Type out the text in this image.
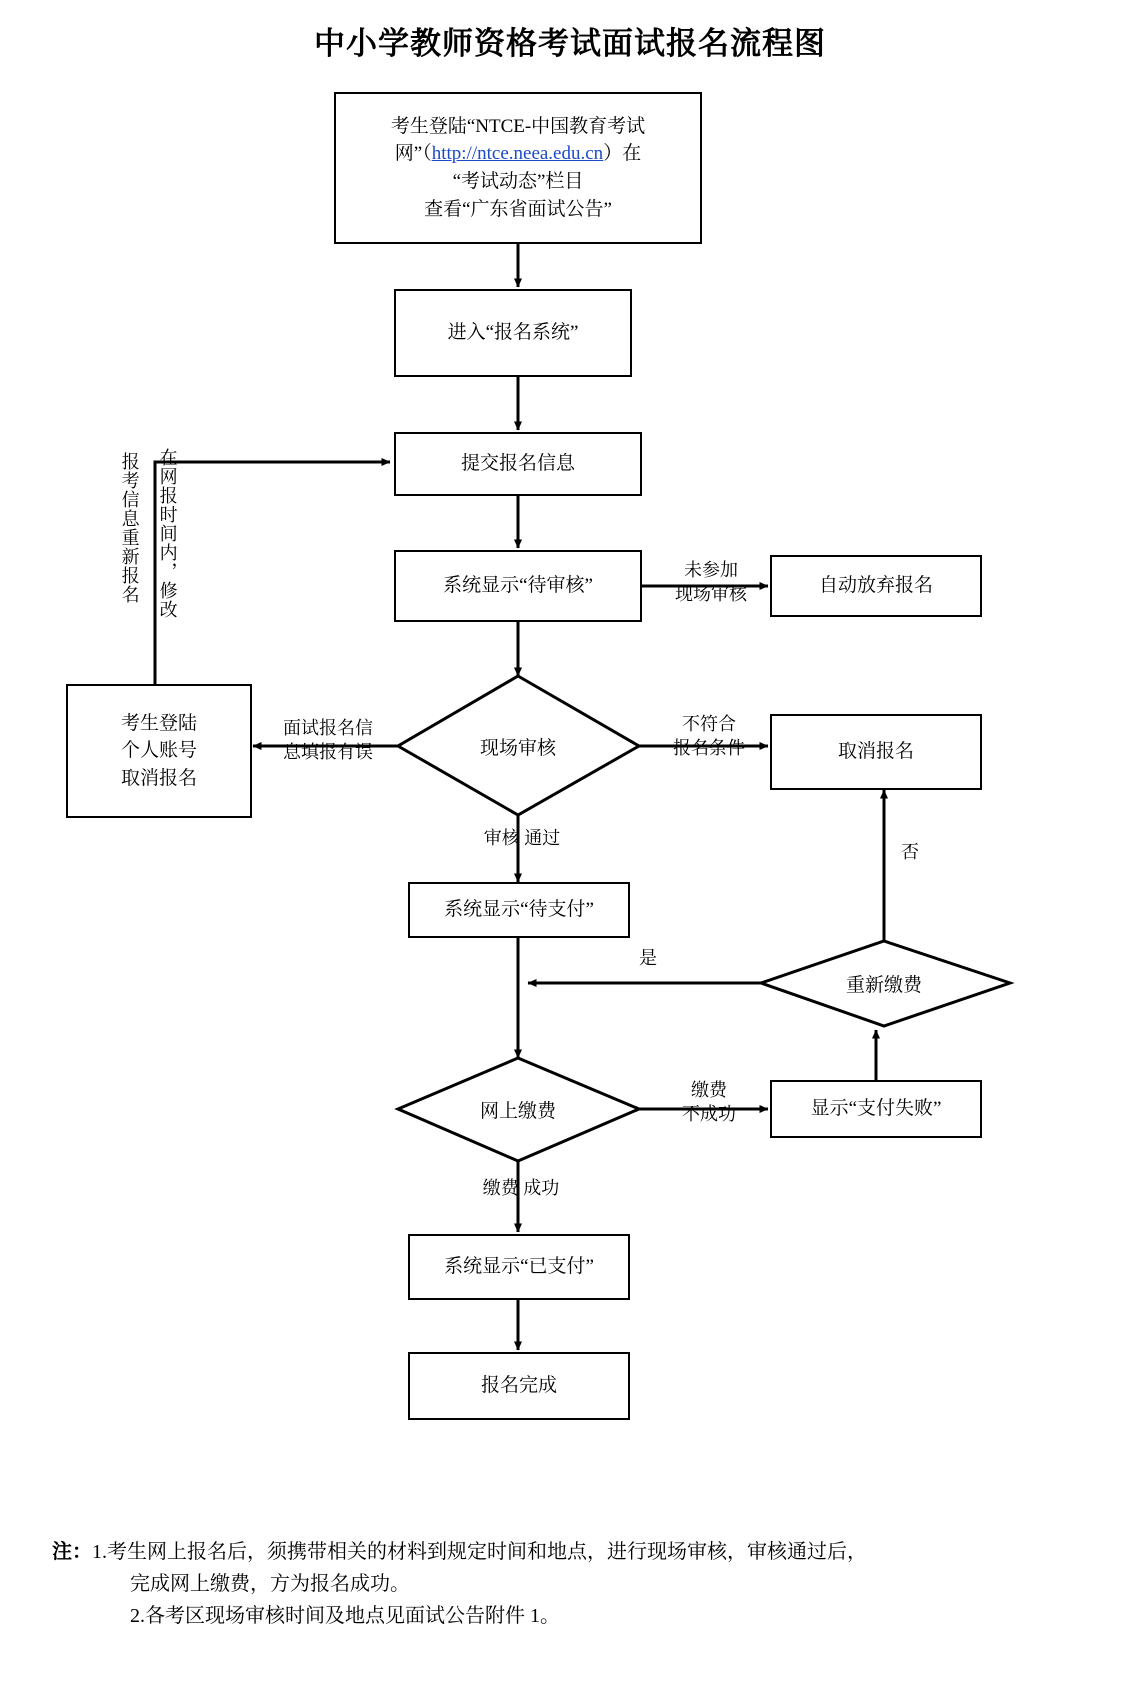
中小学教师资格考试面试报名流程图
考生登陆“NTCE-中国教育考试
网”（http://ntce.neea.edu.cn）在
“考试动态”栏目
查看“广东省面试公告”
进入“报名系统”
提交报名信息
系统显示“待审核”	自动放弃报名
现场审核
考生登陆
个人账号
取消报名
取消报名
系统显示“待支付”
重新缴费
网上缴费	显示“支付失败”
系统显示“已支付”
报名完成
未参加
现场审核
面试报名信
息填报有误
不符合
报名条件
审核 通过
是
否
缴费
不成功
缴费 成功
报考信息重新报名 在网报时间内，修改
注：1.考生网上报名后，须携带相关的材料到规定时间和地点，进行现场审核，审核通过后，
完成网上缴费，方为报名成功。
2.各考区现场审核时间及地点见面试公告附件 1。
